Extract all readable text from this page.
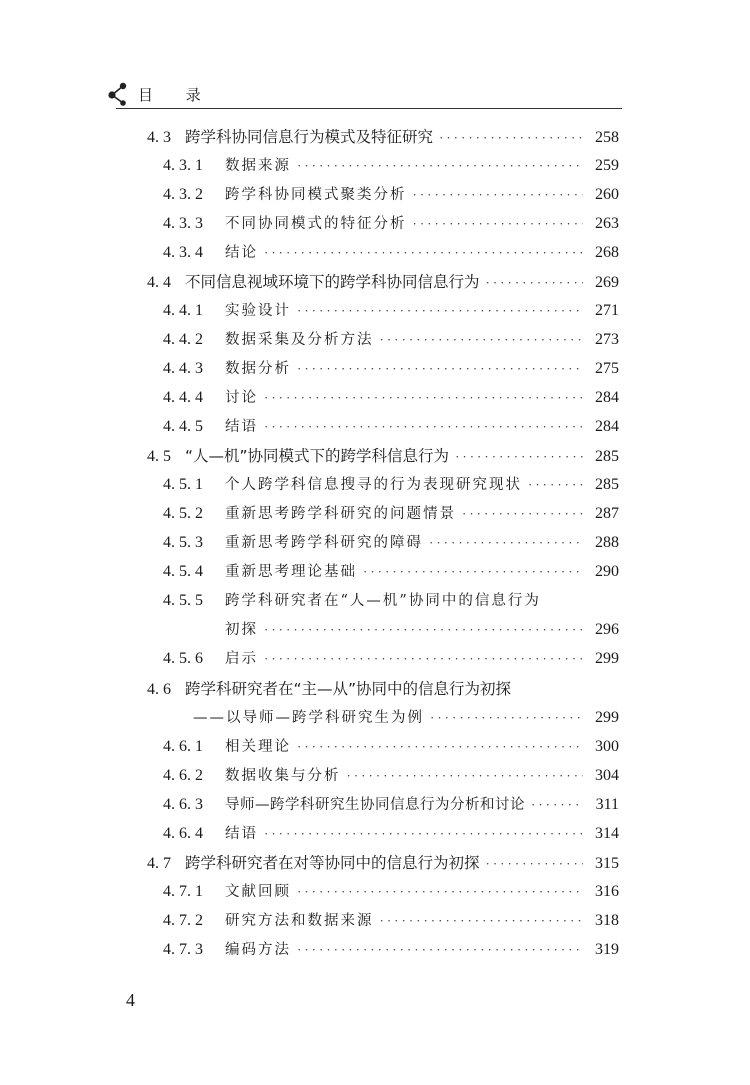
目 录
4. 3 跨学科协同信息行为模式及特征研究 ·····	258
4. 3. 1	数据来源 ·····	259
4. 3. 2	跨学科协同模式聚类分析 ·····	260
4. 3. 3	不同协同模式的特征分析 ·····	263
4. 3. 4	结论 ·····	268
4. 4 不同信息视域环境下的跨学科协同信息行为 ·····	269
4. 4. 1	实验设计 ·····	271
4. 4. 2	数据采集及分析方法 ·····	273
4. 4. 3	数据分析 ·····	275
4. 4. 4	讨论 ·····	284
4. 4. 5	结语 ·····	284
4. 5 “人—机”协同模式下的跨学科信息行为 ·····	285
4. 5. 1	个人跨学科信息搜寻的行为表现研究现状 ·····	285
4. 5. 2	重新思考跨学科研究的问题情景 ·····	287
4. 5. 3	重新思考跨学科研究的障碍 ·····	288
4. 5. 4	重新思考理论基础 ·····	290
4. 5. 5	跨学科研究者在“人—机”协同中的信息行为
初探 ·····	296
4. 5. 6	启示 ·····	299
4. 6 跨学科研究者在“主—从”协同中的信息行为初探
——以导师—跨学科研究生为例 ·····	299
4. 6. 1	相关理论 ·····	300
4. 6. 2	数据收集与分析 ·····	304
4. 6. 3	导师—跨学科研究生协同信息行为分析和讨论 ·····	311
4. 6. 4	结语 ·····	314
4. 7 跨学科研究者在对等协同中的信息行为初探 ·····	315
4. 7. 1	文献回顾 ·····	316
4. 7. 2	研究方法和数据来源 ·····	318
4. 7. 3	编码方法 ·····	319
4
